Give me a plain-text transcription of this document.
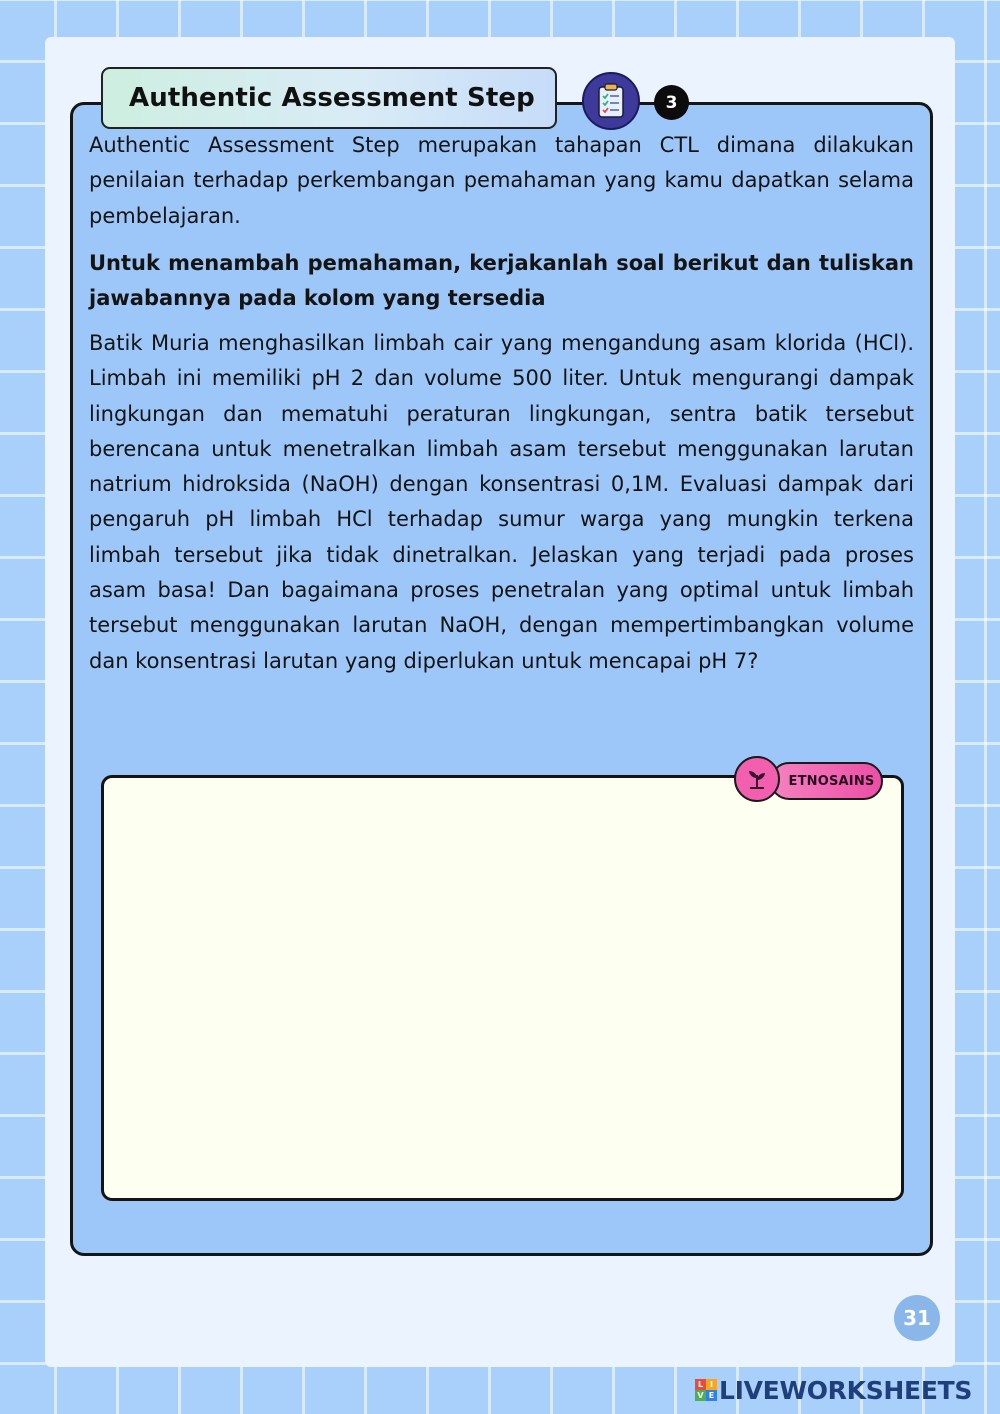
Authentic Assessment Step	3

Authentic Assessment Step merupakan tahapan CTL dimana dilakukan penilaian terhadap perkembangan pemahaman yang kamu dapatkan selama pembelajaran.

Untuk menambah pemahaman, kerjakanlah soal berikut dan tuliskan jawabannya pada kolom yang tersedia

Batik Muria menghasilkan limbah cair yang mengandung asam klorida (HCl). Limbah ini memiliki pH 2 dan volume 500 liter. Untuk mengurangi dampak lingkungan dan mematuhi peraturan lingkungan, sentra batik tersebut berencana untuk menetralkan limbah asam tersebut menggunakan larutan natrium hidroksida (NaOH) dengan konsentrasi 0,1M. Evaluasi dampak dari pengaruh pH limbah HCl terhadap sumur warga yang mungkin terkena limbah tersebut jika tidak dinetralkan. Jelaskan yang terjadi pada proses asam basa! Dan bagaimana proses penetralan yang optimal untuk limbah tersebut menggunakan larutan NaOH, dengan mempertimbangkan volume dan konsentrasi larutan yang diperlukan untuk mencapai pH 7?

ETNOSAINS
31
L I
V E LIVEWORKSHEETS
